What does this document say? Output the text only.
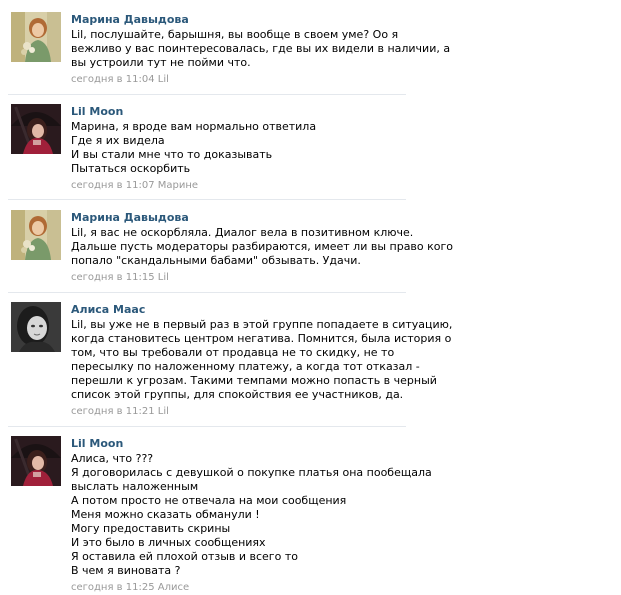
Марина Давыдова
Lil, послушайте, барышня, вы вообще в своем уме? Оо я
вежливо у вас поинтересовалась, где вы их видели в наличии, а
вы устроили тут не пойми что.
сегодня в 11:04 Lil
Lil Moon
Марина, я вроде вам нормально ответила
Где я их видела
И вы стали мне что то доказывать
Пытаться оскорбить
сегодня в 11:07 Марине
Марина Давыдова
Lil, я вас не оскорбляла. Диалог вела в позитивном ключе.
Дальше пусть модераторы разбираются, имеет ли вы право кого
попало "скандальными бабами" обзывать. Удачи.
сегодня в 11:15 Lil
Алиса Маас
Lil, вы уже не в первый раз в этой группе попадаете в ситуацию,
когда становитесь центром негатива. Помнится, была история о
том, что вы требовали от продавца не то скидку, не то
пересылку по наложенному платежу, а когда тот отказал -
перешли к угрозам. Такими темпами можно попасть в черный
список этой группы, для спокойствия ее участников, да.
сегодня в 11:21 Lil
Lil Moon
Алиса, что ???
Я договорилась с девушкой о покупке платья она пообещала
выслать наложенным
А потом просто не отвечала на мои сообщения
Меня можно сказать обманули !
Могу предоставить скрины
И это было в личных сообщениях
Я оставила ей плохой отзыв и всего то
В чем я виновата ?
сегодня в 11:25 Алисе
